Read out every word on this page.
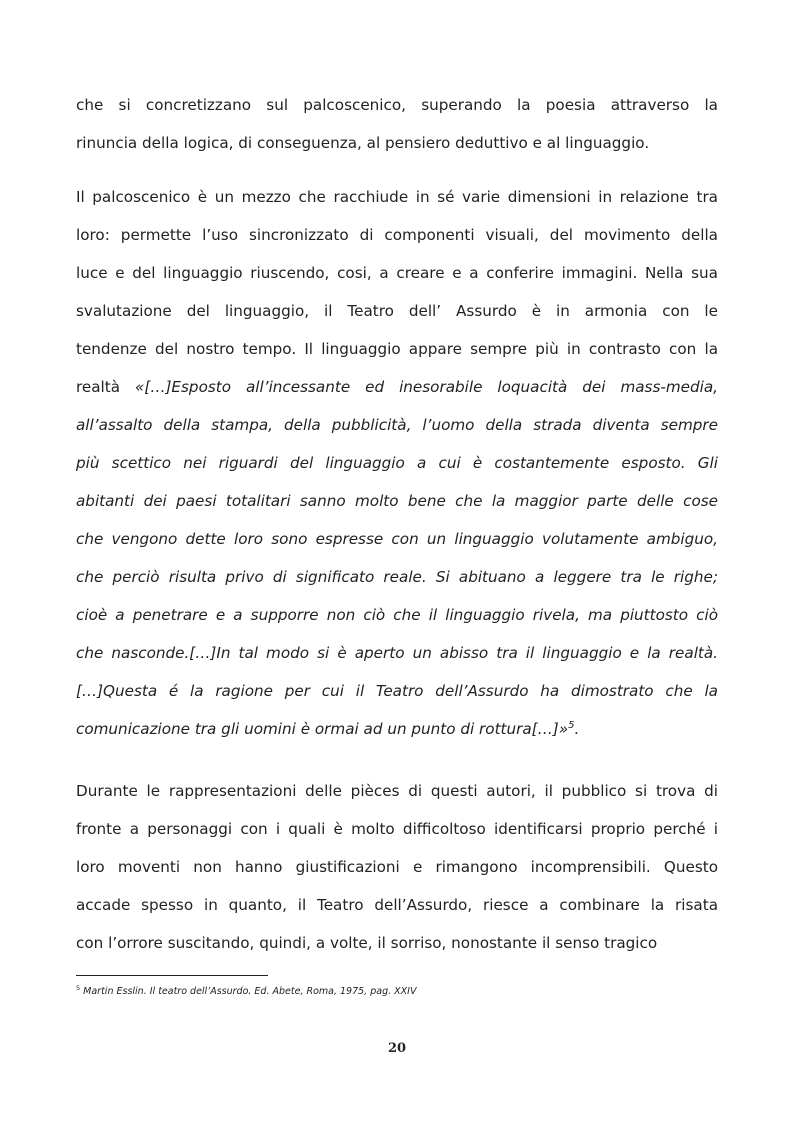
che si concretizzano sul palcoscenico, superando la poesia attraverso la
rinuncia della logica, di conseguenza, al pensiero deduttivo e al linguaggio.
Il palcoscenico è un mezzo che racchiude in sé varie dimensioni in relazione tra
loro: permette l’uso sincronizzato di componenti visuali, del movimento della
luce e del linguaggio riuscendo, cosi, a creare e a conferire immagini. Nella sua
svalutazione del linguaggio, il Teatro dell’ Assurdo è in armonia con le
tendenze del nostro tempo. Il linguaggio appare sempre più in contrasto con la
realtà «[…]Esposto all’incessante ed inesorabile loquacità dei mass-media,
all’assalto della stampa, della pubblicità, l’uomo della strada diventa sempre
più scettico nei riguardi del linguaggio a cui è costantemente esposto. Gli
abitanti dei paesi totalitari sanno molto bene che la maggior parte delle cose
che vengono dette loro sono espresse con un linguaggio volutamente ambiguo,
che perciò risulta privo di significato reale. Si abituano a leggere tra le righe;
cioè a penetrare e a supporre non ciò che il linguaggio rivela, ma piuttosto ciò
che nasconde.[…]In tal modo si è aperto un abisso tra il linguaggio e la realtà.
[…]Questa é la ragione per cui il Teatro dell’Assurdo ha dimostrato che la
comunicazione tra gli uomini è ormai ad un punto di rottura[…]»$^5$.
Durante le rappresentazioni delle pièces di questi autori, il pubblico si trova di
fronte a personaggi con i quali è molto difficoltoso identificarsi proprio perché i
loro moventi non hanno giustificazioni e rimangono incomprensibili. Questo
accade spesso in quanto, il Teatro dell’Assurdo, riesce a combinare la risata
con l’orrore suscitando, quindi, a volte, il sorriso, nonostante il senso tragico
$^5$ Martin Esslin. Il teatro dell’Assurdo. Ed. Abete, Roma, 1975, pag. XXIV
20
